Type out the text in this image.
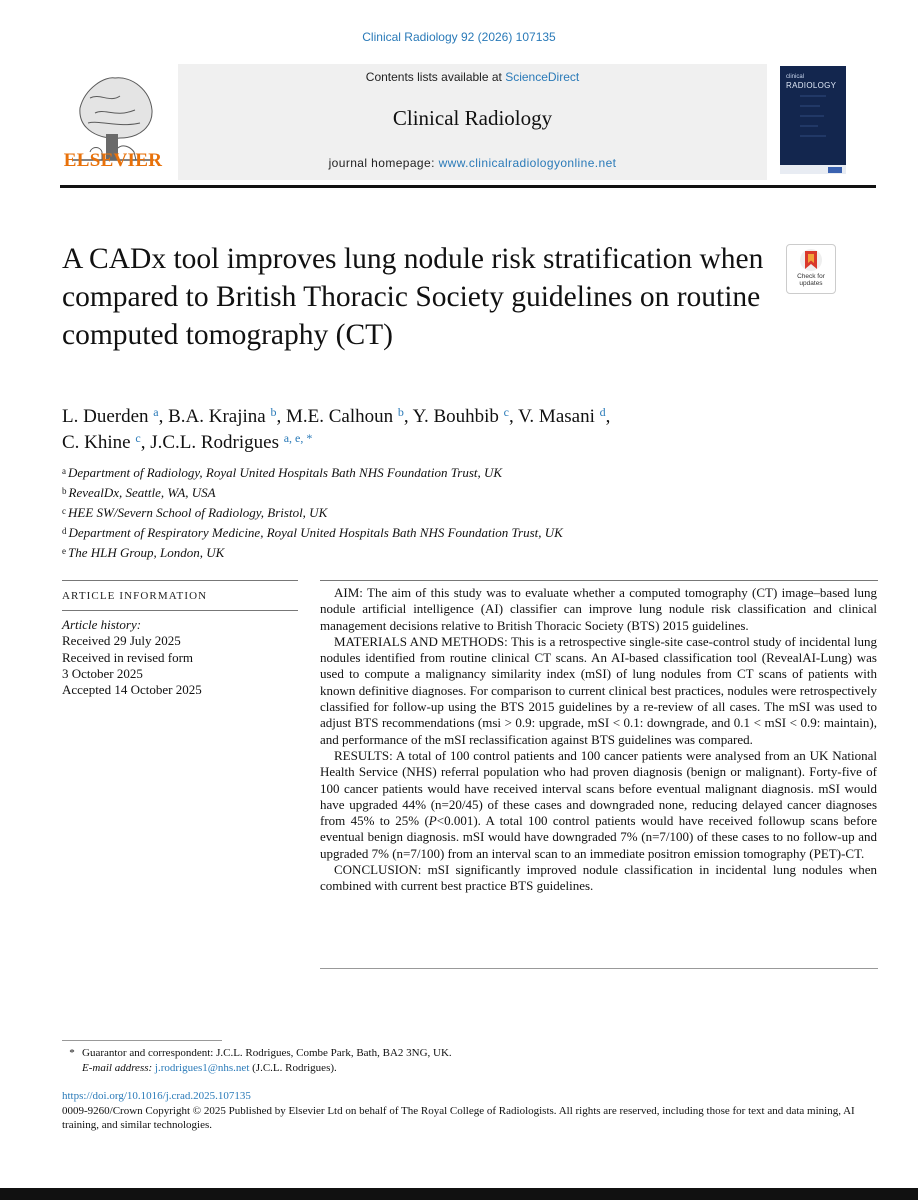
Clinical Radiology 92 (2026) 107135
ELSEVIER
Contents lists available at ScienceDirect
Clinical Radiology
journal homepage: www.clinicalradiologyonline.net
clinical
RADIOLOGY
A CADx tool improves lung nodule risk stratification when compared to British Thoracic Society guidelines on routine computed tomography (CT)
Check for updates
L. Duerden $^a$, B.A. Krajina $^b$, M.E. Calhoun $^b$, Y. Bouhbib $^c$, V. Masani $^d$,
C. Khine $^c$, J.C.L. Rodrigues $^{a, e, *}$
$^a$ Department of Radiology, Royal United Hospitals Bath NHS Foundation Trust, UK
$^b$ RevealDx, Seattle, WA, USA
$^c$ HEE SW/Severn School of Radiology, Bristol, UK
$^d$ Department of Respiratory Medicine, Royal United Hospitals Bath NHS Foundation Trust, UK
$^e$ The HLH Group, London, UK
ARTICLE INFORMATION
Article history:
Received 29 July 2025
Received in revised form
3 October 2025
Accepted 14 October 2025

AIM: The aim of this study was to evaluate whether a computed tomography (CT) image–based lung nodule artificial intelligence (AI) classifier can improve lung nodule risk classification and clinical management decisions relative to British Thoracic Society (BTS) 2015 guidelines.

MATERIALS AND METHODS: This is a retrospective single-site case-control study of incidental lung nodules identified from routine clinical CT scans. An AI-based classification tool (RevealAI-Lung) was used to compute a malignancy similarity index (mSI) of lung nodules from CT scans of patients with known definitive diagnoses. For comparison to current clinical best practices, nodules were retrospectively classified for follow-up using the BTS 2015 guidelines by a re-review of all cases. The mSI was used to adjust BTS recommendations (msi > 0.9: upgrade, mSI < 0.1: downgrade, and 0.1 < mSI < 0.9: maintain), and performance of the mSI reclassification against BTS guidelines was compared.

RESULTS: A total of 100 control patients and 100 cancer patients were analysed from an UK National Health Service (NHS) referral population who had proven diagnosis (benign or malignant). Forty-five of 100 cancer patients would have received interval scans before eventual malignant diagnosis. mSI would have upgraded 44% (n=20/45) of these cases and downgraded none, reducing delayed cancer diagnoses from 45% to 25% (P<0.001). A total 100 control patients would have received followup scans before eventual benign diagnosis. mSI would have downgraded 7% (n=7/100) of these cases to no follow-up and upgraded 7% (n=7/100) from an interval scan to an immediate positron emission tomography (PET)-CT.

CONCLUSION: mSI significantly improved nodule classification in incidental lung nodules when combined with current best practice BTS guidelines.

* Guarantor and correspondent: J.C.L. Rodrigues, Combe Park, Bath, BA2 3NG, UK.
E-mail address: j.rodrigues1@nhs.net (J.C.L. Rodrigues).
https://doi.org/10.1016/j.crad.2025.107135
0009-9260/Crown Copyright © 2025 Published by Elsevier Ltd on behalf of The Royal College of Radiologists. All rights are reserved, including those for text and data mining, AI training, and similar technologies.
